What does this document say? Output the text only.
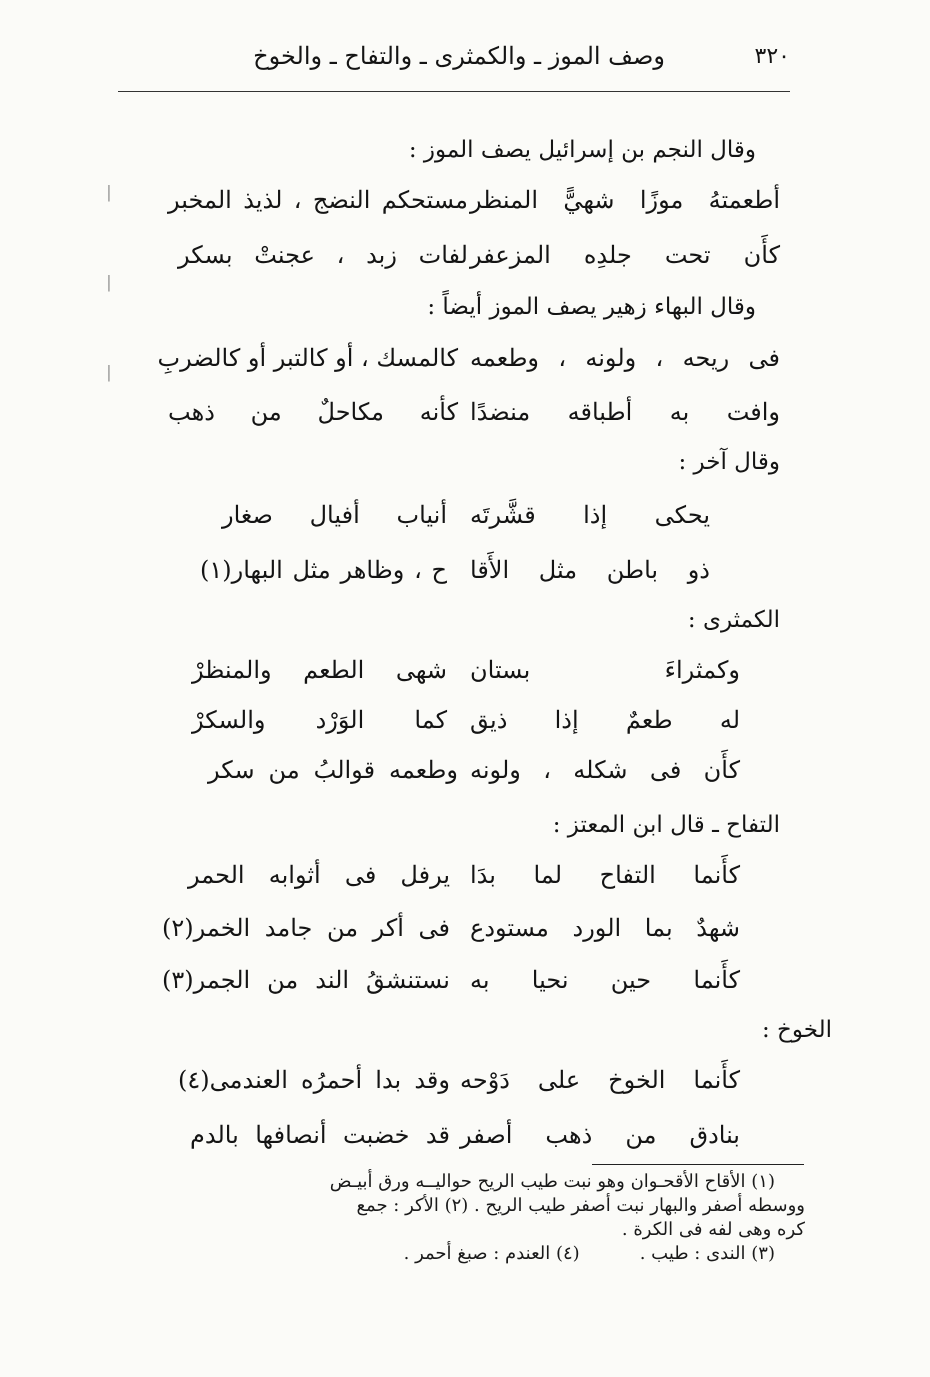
٣٢٠
وصف الموز ـ والكمثرى ـ والتفاح ـ والخوخ
׀
׀
׀
وقال النجم بن إسرائيل يصف الموز :
أطعمتهُ موزًا شهيًّ المنظر
مستحكم النضج ، لذيذ المخبر
كأَن تحت جلدِه المزعفر
لفات زبد ، عجنتْ بسكر
وقال البهاء زهير يصف الموز أيضاً :
فى ريحه ، ولونه ، وطعمه
كالمسك ، أو كالتبر أو كالضربِ
وافت به أطباقه منضدًا
كأنه مكاحلٌ من ذهب
وقال آخر :
يحكى إذا قشَّرتَه
أنياب أفيال صغار
ذو باطن مثل الأَقا
ح ، وظاهر مثل البهار(١)
الكمثرى :
وكمثراءَ بستان
شهى الطعم والمنظرْ
له طعمٌ إذا ذيق
كما الوَرْد والسكرْ
كأَن فى شكله ، ولونه
وطعمه قوالبُ من سكر
التفاح ـ قال ابن المعتز :
كأَنما التفاح لما بدَا
يرفل فى أثوابه الحمر
شهدٌ بما الورد مستودع
فى أكر من جامد الخمر(٢)
كأَنما حين نحيا به
نستنشقُ الند من الجمر(٣)
الخوخ :
كأَنما الخوخ على دَوْحه
وقد بدا أحمرُه العندمى(٤)
بنادق من ذهب أصفر
قد خضبت أنصافها بالدم
(١) الأقاح الأقحـوان وهو نبت طيب الريح حواليــه ورق أبيـض
ووسطه أصفر والبهار نبت أصفر طيب الريح . (٢) الأكر : جمع
كره وهى لفه فى الكرة .
(٣) الندى : طيب .
(٤) العندم : صبغ أحمر .
